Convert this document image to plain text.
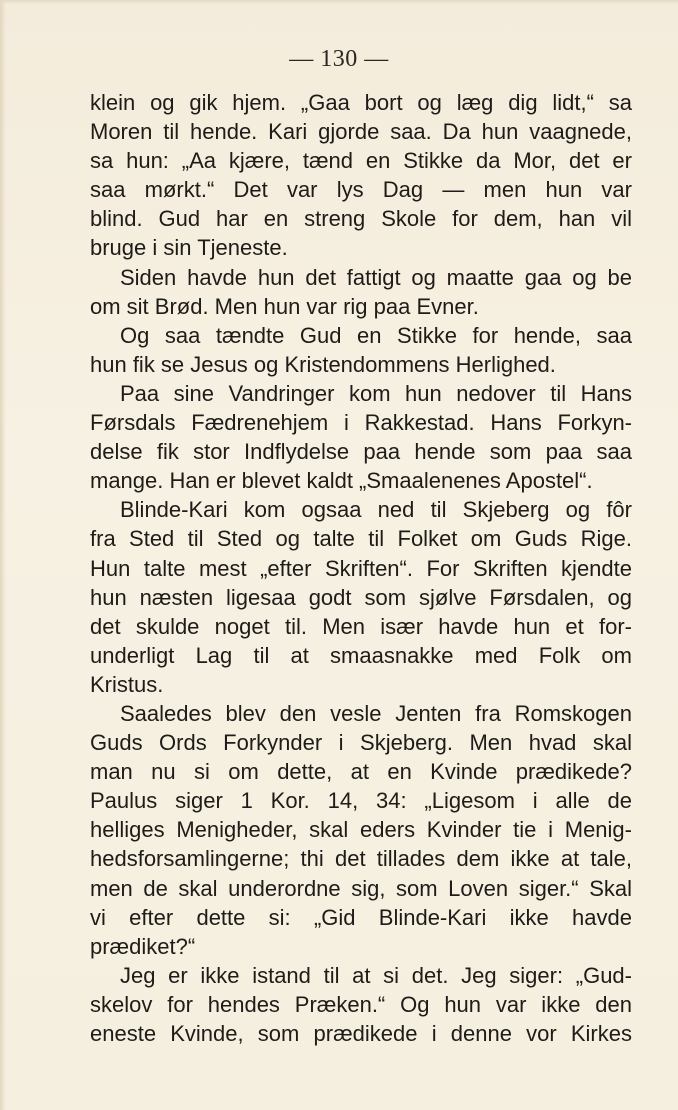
— 130 —
klein og gik hjem. „Gaa bort og læg dig lidt,“ sa
Moren til hende. Kari gjorde saa. Da hun vaagnede,
sa hun: „Aa kjære, tænd en Stikke da Mor, det er
saa mørkt.“ Det var lys Dag — men hun var
blind. Gud har en streng Skole for dem, han vil
bruge i sin Tjeneste.
Siden havde hun det fattigt og maatte gaa og be
om sit Brød. Men hun var rig paa Evner.
Og saa tændte Gud en Stikke for hende, saa
hun fik se Jesus og Kristendommens Herlighed.
Paa sine Vandringer kom hun nedover til Hans
Førsdals Fædrenehjem i Rakkestad. Hans Forkyn-
delse fik stor Indflydelse paa hende som paa saa
mange. Han er blevet kaldt „Smaalenenes Apostel“.
Blinde-Kari kom ogsaa ned til Skjeberg og fôr
fra Sted til Sted og talte til Folket om Guds Rige.
Hun talte mest „efter Skriften“. For Skriften kjendte
hun næsten ligesaa godt som sjølve Førsdalen, og
det skulde noget til. Men især havde hun et for-
underligt Lag til at smaasnakke med Folk om
Kristus.
Saaledes blev den vesle Jenten fra Romskogen
Guds Ords Forkynder i Skjeberg. Men hvad skal
man nu si om dette, at en Kvinde prædikede?
Paulus siger 1 Kor. 14, 34: „Ligesom i alle de
helliges Menigheder, skal eders Kvinder tie i Menig-
hedsforsamlingerne; thi det tillades dem ikke at tale,
men de skal underordne sig, som Loven siger.“ Skal
vi efter dette si: „Gid Blinde-Kari ikke havde
prædiket?“
Jeg er ikke istand til at si det. Jeg siger: „Gud-
skelov for hendes Præken.“ Og hun var ikke den
eneste Kvinde, som prædikede i denne vor Kirkes
